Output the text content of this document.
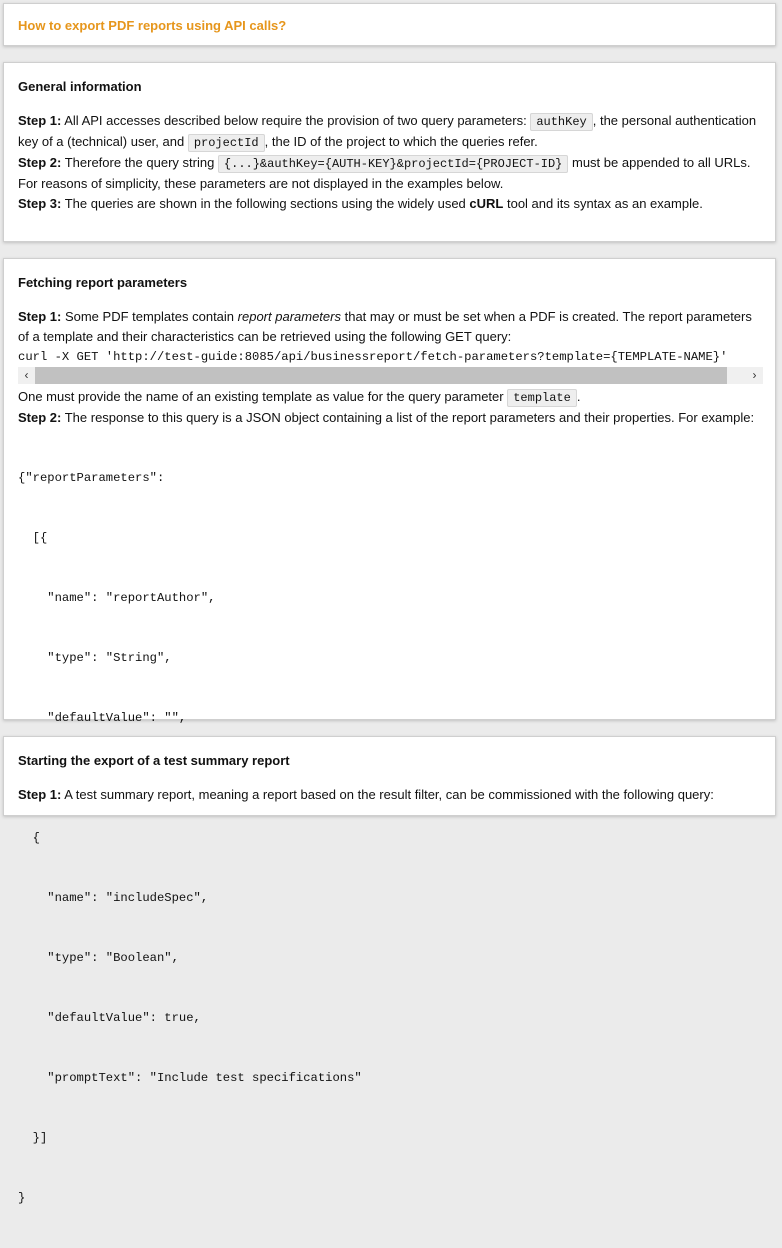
How to export PDF reports using API calls?
General information

Step 1: All API accesses described below require the provision of two query parameters: authKey , the personal authentication key of a (technical) user, and projectId , the ID of the project to which the queries refer.

Step 2: Therefore the query string {...}&authKey={AUTH-KEY}&projectId={PROJECT-ID} must be appended to all URLs. For reasons of simplicity, these parameters are not displayed in the examples below.

Step 3: The queries are shown in the following sections using the widely used cURL tool and its syntax as an example.

Fetching report parameters

Step 1: Some PDF templates contain report parameters that may or must be set when a PDF is created. The report parameters of a template and their characteristics can be retrieved using the following GET query:

curl -X GET 'http://test-guide:8085/api/businessreport/fetch-parameters?template={TEMPLATE-NAME}'
‹	›

One must provide the name of an existing template as value for the query parameter template .

Step 2: The response to this query is a JSON object containing a list of the report parameters and their properties. For example:

{"reportParameters":

[{

"name": "reportAuthor",

"type": "String",

"defaultValue": "",

{

"name": "includeSpec",

"type": "Boolean",

"defaultValue": true,

"promptText": "Include test specifications"

}]

}

Starting the export of a test summary report

Step 1: A test summary report, meaning a report based on the result filter, can be commissioned with the following query:
